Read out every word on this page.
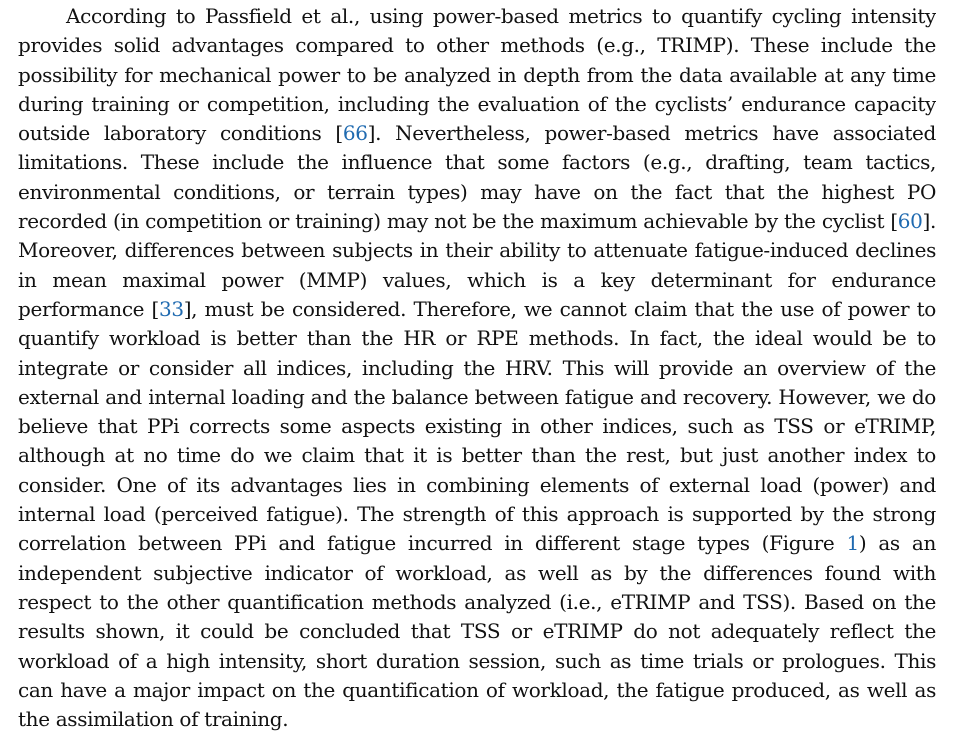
According to Passfield et al., using power-based metrics to quantify cycling intensity provides solid advantages compared to other methods (e.g., TRIMP). These include the possibility for mechanical power to be analyzed in depth from the data available at any time during training or competition, including the evaluation of the cyclists’ endurance capacity outside laboratory conditions [66]. Nevertheless, power-based metrics have associated limitations. These include the influence that some factors (e.g., drafting, team tactics, environmental conditions, or terrain types) may have on the fact that the highest PO recorded (in competition or training) may not be the maximum achievable by the cyclist [60]. Moreover, differences between subjects in their ability to attenuate fatigue-induced declines in mean maximal power (MMP) values, which is a key determinant for endurance performance [33], must be considered. Therefore, we cannot claim that the use of power to quantify workload is better than the HR or RPE methods. In fact, the ideal would be to integrate or consider all indices, including the HRV. This will provide an overview of the external and internal loading and the balance between fatigue and recovery. However, we do believe that PPi corrects some aspects existing in other indices, such as TSS or eTRIMP, although at no time do we claim that it is better than the rest, but just another index to consider. One of its advantages lies in combining elements of external load (power) and internal load (perceived fatigue). The strength of this approach is supported by the strong correlation between PPi and fatigue incurred in different stage types (Figure 1) as an independent subjective indicator of workload, as well as by the differences found with respect to the other quantification methods analyzed (i.e., eTRIMP and TSS). Based on the results shown, it could be concluded that TSS or eTRIMP do not adequately reflect the workload of a high intensity, short duration session, such as time trials or prologues. This can have a major impact on the quantification of workload, the fatigue produced, as well as the assimilation of training.
